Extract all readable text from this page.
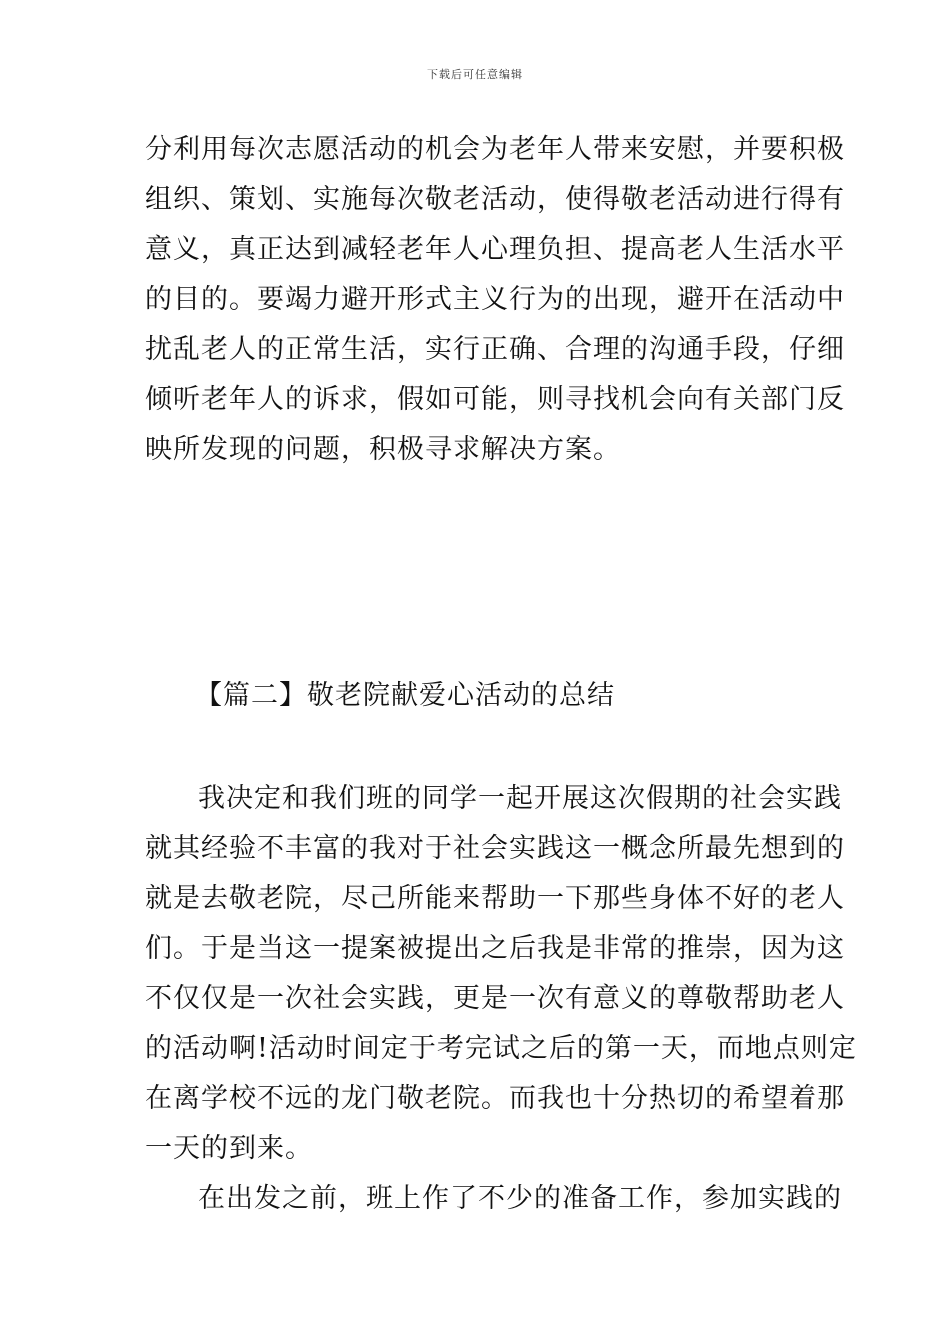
下载后可任意编辑
分利用每次志愿活动的机会为老年人带来安慰，并要积极
组织、策划、实施每次敬老活动，使得敬老活动进行得有
意义，真正达到减轻老年人心理负担、提高老人生活水平
的目的。要竭力避开形式主义行为的出现，避开在活动中
扰乱老人的正常生活，实行正确、合理的沟通手段，仔细
倾听老年人的诉求，假如可能，则寻找机会向有关部门反
映所发现的问题，积极寻求解决方案。
【篇二】敬老院献爱心活动的总结
我决定和我们班的同学一起开展这次假期的社会实践
就其经验不丰富的我对于社会实践这一概念所最先想到的
就是去敬老院，尽己所能来帮助一下那些身体不好的老人
们。于是当这一提案被提出之后我是非常的推崇，因为这
不仅仅是一次社会实践，更是一次有意义的尊敬帮助老人
的活动啊!活动时间定于考完试之后的第一天，而地点则定
在离学校不远的龙门敬老院。而我也十分热切的希望着那
一天的到来。
在出发之前，班上作了不少的准备工作，参加实践的
